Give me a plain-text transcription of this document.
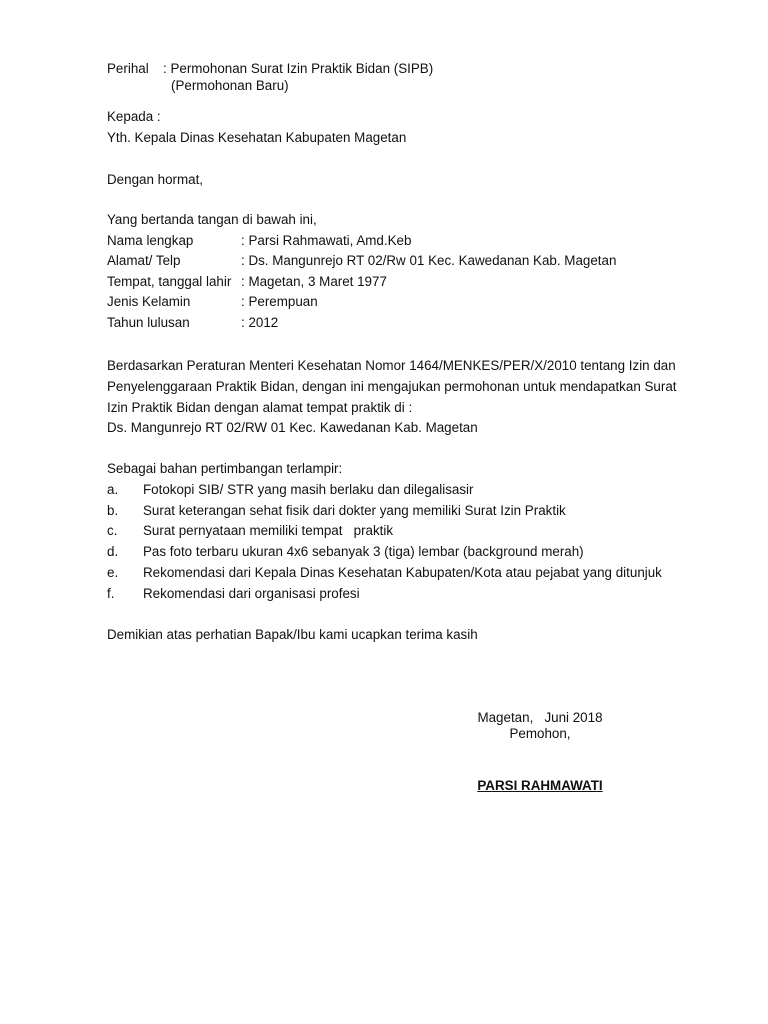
Perihal	: Permohonan Surat Izin Praktik Bidan (SIPB)
(Permohonan Baru)
Kepada :
Yth. Kepala Dinas Kesehatan Kabupaten Magetan
Dengan hormat,
Yang bertanda tangan di bawah ini,
Nama lengkap	: Parsi Rahmawati, Amd.Keb
Alamat/ Telp	: Ds. Mangunrejo RT 02/Rw 01 Kec. Kawedanan Kab. Magetan
Tempat, tanggal lahir : Magetan, 3 Maret 1977
Jenis Kelamin	: Perempuan
Tahun lulusan	: 2012
Berdasarkan Peraturan Menteri Kesehatan Nomor 1464/MENKES/PER/X/2010 tentang Izin dan
Penyelenggaraan Praktik Bidan, dengan ini mengajukan permohonan untuk mendapatkan Surat
Izin Praktik Bidan dengan alamat tempat praktik di :
Ds. Mangunrejo RT 02/RW 01 Kec. Kawedanan Kab. Magetan
Sebagai bahan pertimbangan terlampir:
a.	Fotokopi SIB/ STR yang masih berlaku dan dilegalisasir
b.	Surat keterangan sehat fisik dari dokter yang memiliki Surat Izin Praktik
c.	Surat pernyataan memiliki tempat   praktik
d.	Pas foto terbaru ukuran 4x6 sebanyak 3 (tiga) lembar (background merah)
e.	Rekomendasi dari Kepala Dinas Kesehatan Kabupaten/Kota atau pejabat yang ditunjuk
f.	Rekomendasi dari organisasi profesi
Demikian atas perhatian Bapak/Ibu kami ucapkan terima kasih
Magetan,   Juni 2018
Pemohon,
PARSI RAHMAWATI
